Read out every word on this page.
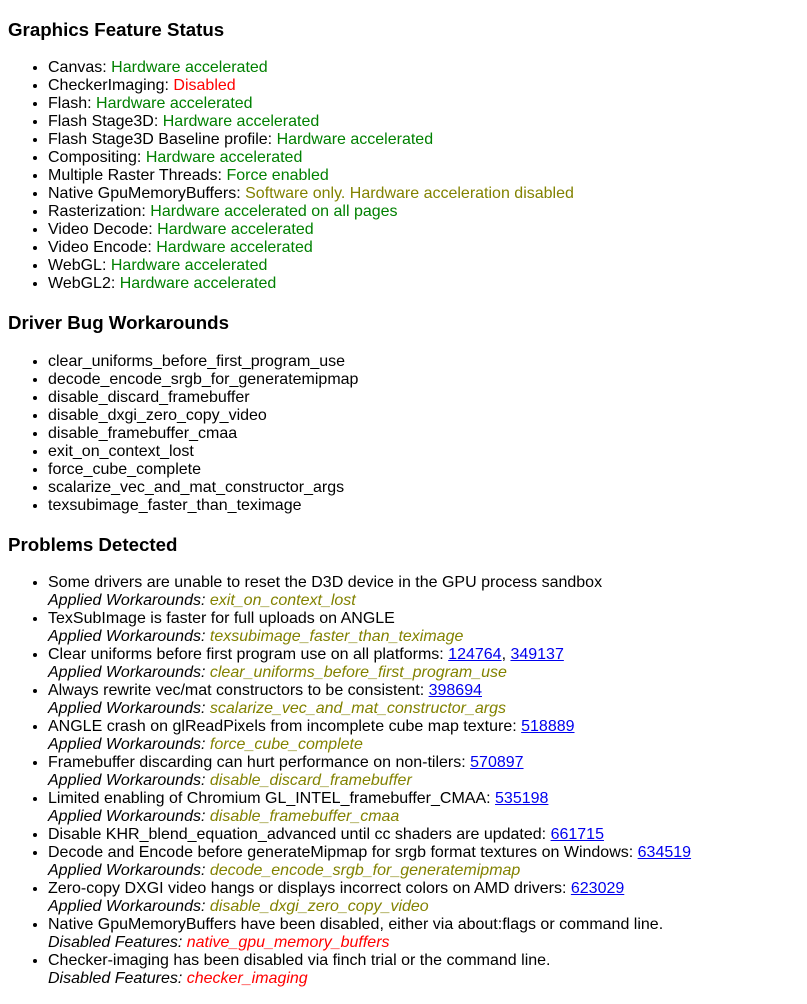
Graphics Feature Status
• Canvas: Hardware accelerated
• CheckerImaging: Disabled
• Flash: Hardware accelerated
• Flash Stage3D: Hardware accelerated
• Flash Stage3D Baseline profile: Hardware accelerated
• Compositing: Hardware accelerated
• Multiple Raster Threads: Force enabled
• Native GpuMemoryBuffers: Software only. Hardware acceleration disabled
• Rasterization: Hardware accelerated on all pages
• Video Decode: Hardware accelerated
• Video Encode: Hardware accelerated
• WebGL: Hardware accelerated
• WebGL2: Hardware accelerated
Driver Bug Workarounds
• clear_uniforms_before_first_program_use
• decode_encode_srgb_for_generatemipmap
• disable_discard_framebuffer
• disable_dxgi_zero_copy_video
• disable_framebuffer_cmaa
• exit_on_context_lost
• force_cube_complete
• scalarize_vec_and_mat_constructor_args
• texsubimage_faster_than_teximage
Problems Detected
• Some drivers are unable to reset the D3D device in the GPU process sandbox
Applied Workarounds: exit_on_context_lost
• TexSubImage is faster for full uploads on ANGLE
Applied Workarounds: texsubimage_faster_than_teximage
• Clear uniforms before first program use on all platforms: 124764, 349137
Applied Workarounds: clear_uniforms_before_first_program_use
• Always rewrite vec/mat constructors to be consistent: 398694
Applied Workarounds: scalarize_vec_and_mat_constructor_args
• ANGLE crash on glReadPixels from incomplete cube map texture: 518889
Applied Workarounds: force_cube_complete
• Framebuffer discarding can hurt performance on non-tilers: 570897
Applied Workarounds: disable_discard_framebuffer
• Limited enabling of Chromium GL_INTEL_framebuffer_CMAA: 535198
Applied Workarounds: disable_framebuffer_cmaa
• Disable KHR_blend_equation_advanced until cc shaders are updated: 661715
• Decode and Encode before generateMipmap for srgb format textures on Windows: 634519
Applied Workarounds: decode_encode_srgb_for_generatemipmap
• Zero-copy DXGI video hangs or displays incorrect colors on AMD drivers: 623029
Applied Workarounds: disable_dxgi_zero_copy_video
• Native GpuMemoryBuffers have been disabled, either via about:flags or command line.
Disabled Features: native_gpu_memory_buffers
• Checker-imaging has been disabled via finch trial or the command line.
Disabled Features: checker_imaging
